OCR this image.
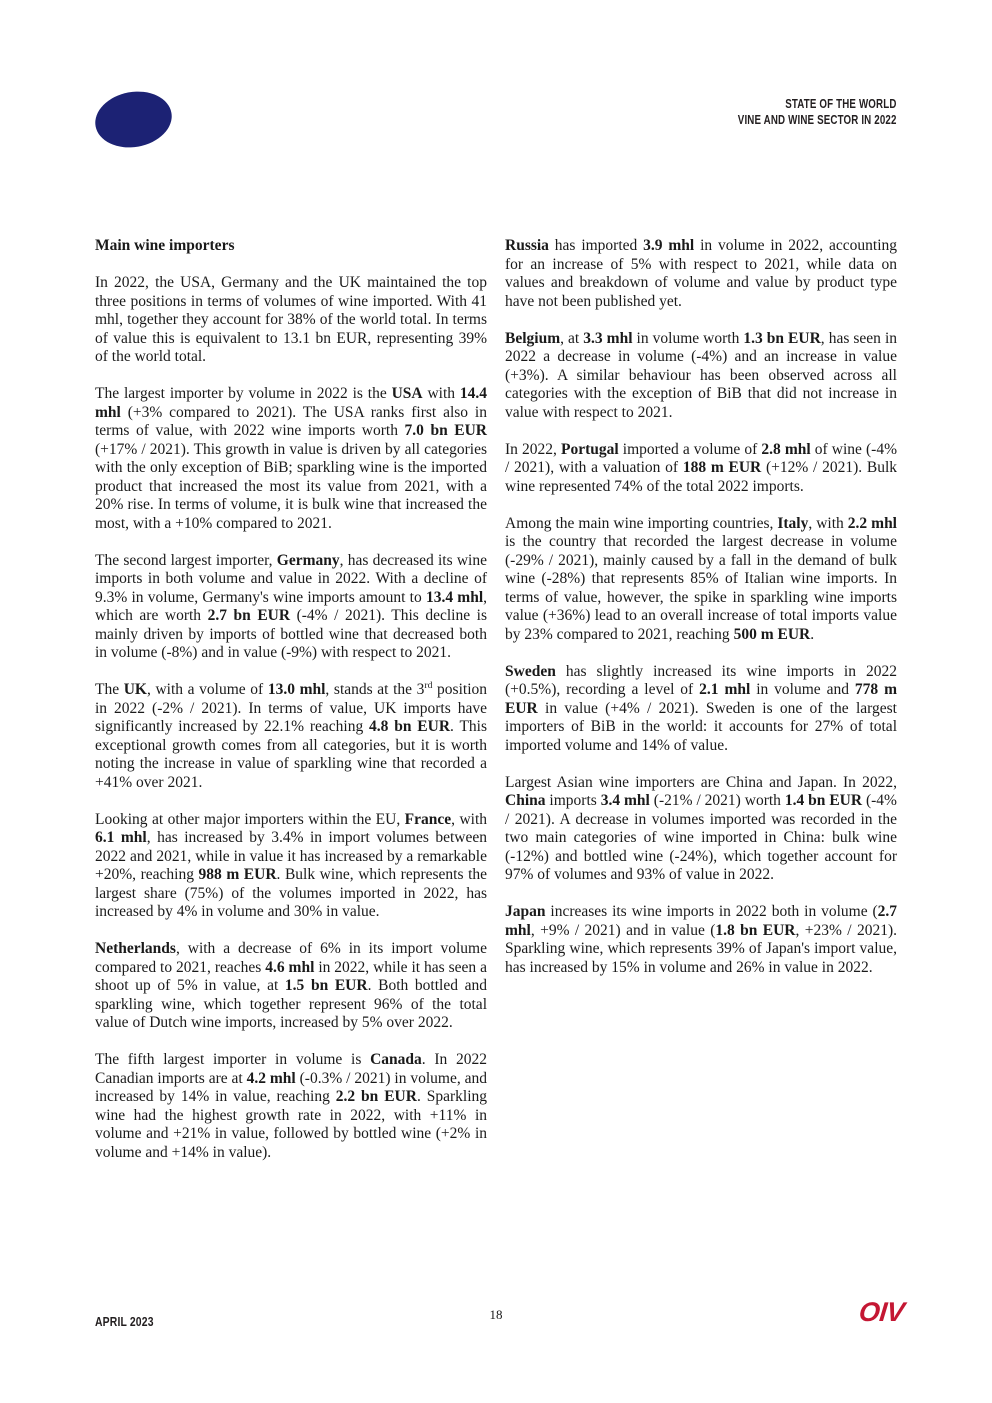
STATE OF THE WORLD
VINE AND WINE SECTOR IN 2022
Main wine importers

In 2022, the USA, Germany and the UK maintained the top three positions in terms of volumes of wine imported. With 41 mhl, together they account for 38% of the world total. In terms of value this is equivalent to 13.1 bn EUR, representing 39% of the world total.

The largest importer by volume in 2022 is the USA with 14.4 mhl (+3% compared to 2021). The USA ranks first also in terms of value, with 2022 wine imports worth 7.0 bn EUR (+17% / 2021). This growth in value is driven by all categories with the only exception of BiB; sparkling wine is the imported product that increased the most its value from 2021, with a 20% rise. In terms of volume, it is bulk wine that increased the most, with a +10% compared to 2021.

The second largest importer, Germany, has decreased its wine imports in both volume and value in 2022. With a decline of 9.3% in volume, Germany's wine imports amount to 13.4 mhl, which are worth 2.7 bn EUR (-4% / 2021). This decline is mainly driven by imports of bottled wine that decreased both in volume (-8%) and in value (-9%) with respect to 2021.

The UK, with a volume of 13.0 mhl, stands at the 3rd position in 2022 (-2% / 2021). In terms of value, UK imports have significantly increased by 22.1% reaching 4.8 bn EUR. This exceptional growth comes from all categories, but it is worth noting the increase in value of sparkling wine that recorded a +41% over 2021.

Looking at other major importers within the EU, France, with 6.1 mhl, has increased by 3.4% in import volumes between 2022 and 2021, while in value it has increased by a remarkable +20%, reaching 988 m EUR. Bulk wine, which represents the largest share (75%) of the volumes imported in 2022, has increased by 4% in volume and 30% in value.

Netherlands, with a decrease of 6% in its import volume compared to 2021, reaches 4.6 mhl in 2022, while it has seen a shoot up of 5% in value, at 1.5 bn EUR. Both bottled and sparkling wine, which together represent 96% of the total value of Dutch wine imports, increased by 5% over 2022.

The fifth largest importer in volume is Canada. In 2022 Canadian imports are at 4.2 mhl (-0.3% / 2021) in volume, and increased by 14% in value, reaching 2.2 bn EUR. Sparkling wine had the highest growth rate in 2022, with +11% in volume and +21% in value, followed by bottled wine (+2% in volume and +14% in value).

Russia has imported 3.9 mhl in volume in 2022, accounting for an increase of 5% with respect to 2021, while data on values and breakdown of volume and value by product type have not been published yet.

Belgium, at 3.3 mhl in volume worth 1.3 bn EUR, has seen in 2022 a decrease in volume (-4%) and an increase in value (+3%). A similar behaviour has been observed across all categories with the exception of BiB that did not increase in value with respect to 2021.

In 2022, Portugal imported a volume of 2.8 mhl of wine (-4% / 2021), with a valuation of 188 m EUR (+12% / 2021). Bulk wine represented 74% of the total 2022 imports.

Among the main wine importing countries, Italy, with 2.2 mhl is the country that recorded the largest decrease in volume (-29% / 2021), mainly caused by a fall in the demand of bulk wine (-28%) that represents 85% of Italian wine imports. In terms of value, however, the spike in sparkling wine imports value (+36%) lead to an overall increase of total imports value by 23% compared to 2021, reaching 500 m EUR.

Sweden has slightly increased its wine imports in 2022 (+0.5%), recording a level of 2.1 mhl in volume and 778 m EUR in value (+4% / 2021). Sweden is one of the largest importers of BiB in the world: it accounts for 27% of total imported volume and 14% of value.

Largest Asian wine importers are China and Japan. In 2022, China imports 3.4 mhl (-21% / 2021) worth 1.4 bn EUR (-4% / 2021). A decrease in volumes imported was recorded in the two main categories of wine imported in China: bulk wine (-12%) and bottled wine (-24%), which together account for 97% of volumes and 93% of value in 2022.

Japan increases its wine imports in 2022 both in volume (2.7 mhl, +9% / 2021) and in value (1.8 bn EUR, +23% / 2021). Sparkling wine, which represents 39% of Japan's import value, has increased by 15% in volume and 26% in value in 2022.

APRIL 2023	18	OIV
